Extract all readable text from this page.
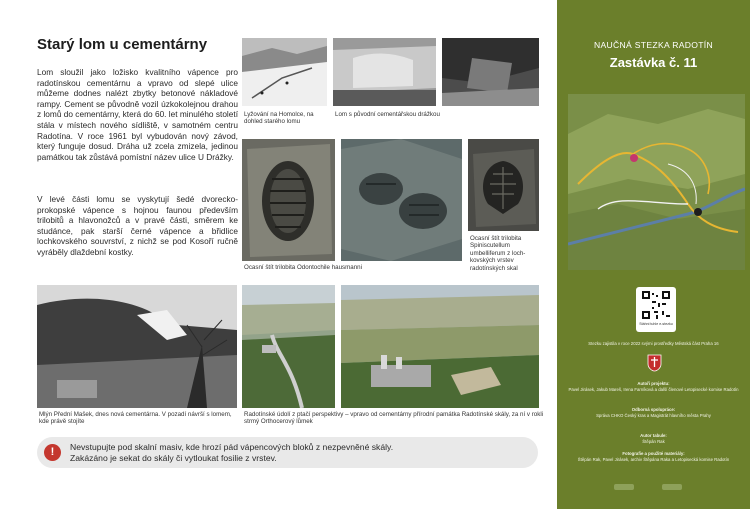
Starý lom u cementárny
Lom sloužil jako ložisko kvalitního vápence pro radotínskou cementárnu a vpravo od slepé ulice můžeme dodnes nalézt zbytky betonové nákladové rampy. Cement se původně vozil úzkokolejnou drahou z lomů do cementárny, která do 60. let minulého století stála v místech nového sídliště, v samotném centru Radotína. V roce 1961 byl vybudován nový závod, který funguje dosud. Dráha už zcela zmizela, jedinou památkou tak zůstává pomístní název ulice U Drážky.
V levé části lomu se vyskytují šedé dvorecko-prokopské vápence s hojnou faunou především trilobitů a hlavonožců a v pravé části, směrem ke studánce, pak starší černé vápence a břidlice lochkovského souvrství, z nichž se pod Kosoří ručně vyráběly dlaždební kostky.
Lyžování na Homolce, na dohled starého lomu
Lom s původní cementářskou drážkou
Ocasní štít trilobita Spiniscutellum umbelliferum z loch-kovských vrstev radotínských skal
Ocasní štít trilobita Odontochile hausmanni
Mlýn Přední Mašek, dnes nová cementárna. V pozadí návrší s lomem, kde právě stojíte
Radotínské údolí z ptačí perspektivy – vpravo od cementárny přírodní památka Radotínské skály, za ní v rokli strmý Orthocerový lůmek
!	Nevstupujte pod skalní masiv, kde hrozí pád vápencových bloků z nezpevněné skály.
Zakázáno je sekat do skály či vytloukat fosilie z vrstev.
NAUČNÁ STEZKA RADOTÍN
Zastávka č. 11
Stáhni tuhle e-stezku
Stezku zajistila v roce 2022 svými prostředky Městská část Praha 16
Autoři projektu:
Pavel Jirásek, Jakub Mareš, Irena Farníková a další členové Letopisecké komise Radotín
Odborná spolupráce:
Správa CHKO Český kras a Magistrát hlavního města Prahy
Autor tabule:
Štěpán Rak
Fotografie a použité materiály:
Štěpán Rak, Pavel Jirásek, archiv Štěpána Raka a Letopisecká komise Radotín
